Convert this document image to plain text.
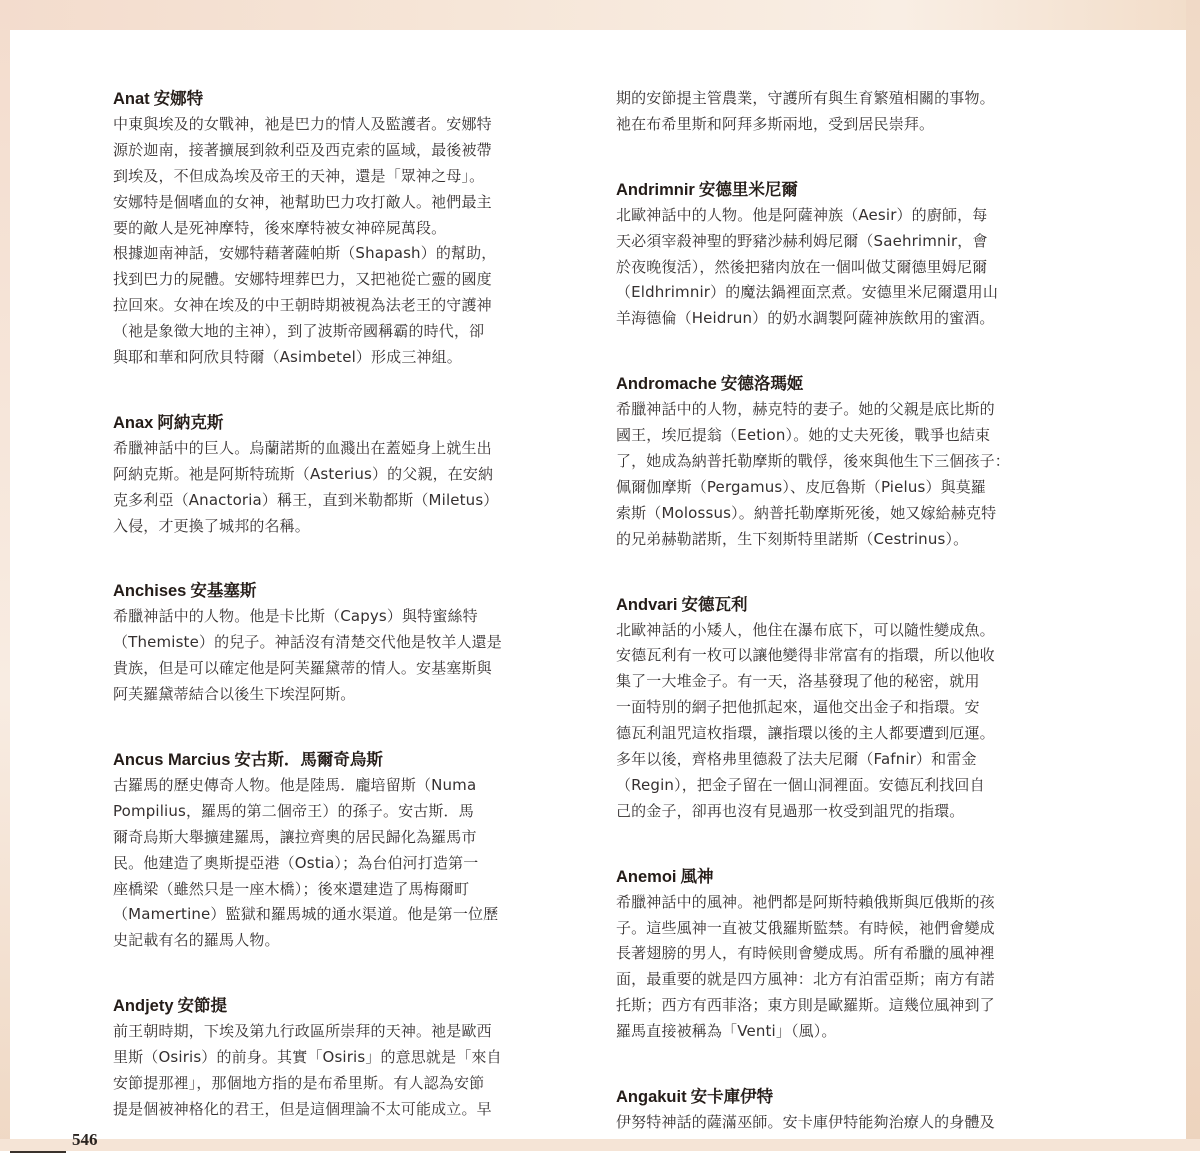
Anat 安娜特
中東與埃及的女戰神，祂是巴力的情人及監護者。安娜特
源於迦南，接著擴展到敘利亞及西克索的區域，最後被帶
到埃及，不但成為埃及帝王的天神，還是「眾神之母」。
安娜特是個嗜血的女神，祂幫助巴力攻打敵人。祂們最主
要的敵人是死神摩特，後來摩特被女神碎屍萬段。
根據迦南神話，安娜特藉著薩帕斯（Shapash）的幫助，
找到巴力的屍體。安娜特埋葬巴力，又把祂從亡靈的國度
拉回來。女神在埃及的中王朝時期被視為法老王的守護神
（祂是象徵大地的主神），到了波斯帝國稱霸的時代，卻
與耶和華和阿欣貝特爾（Asimbetel）形成三神組。
Anax 阿納克斯
希臘神話中的巨人。烏蘭諾斯的血濺出在蓋婭身上就生出
阿納克斯。祂是阿斯特琉斯（Asterius）的父親，在安納
克多利亞（Anactoria）稱王，直到米勒都斯（Miletus）
入侵，才更換了城邦的名稱。
Anchises 安基塞斯
希臘神話中的人物。他是卡比斯（Capys）與特蜜絲特
（Themiste）的兒子。神話沒有清楚交代他是牧羊人還是
貴族，但是可以確定他是阿芙羅黛蒂的情人。安基塞斯與
阿芙羅黛蒂結合以後生下埃涅阿斯。
Ancus Marcius 安古斯．馬爾奇烏斯
古羅馬的歷史傳奇人物。他是陸馬．龐培留斯（Numa
Pompilius，羅馬的第二個帝王）的孫子。安古斯．馬
爾奇烏斯大舉擴建羅馬，讓拉齊奧的居民歸化為羅馬市
民。他建造了奧斯提亞港（Ostia）；為台伯河打造第一
座橋梁（雖然只是一座木橋）；後來還建造了馬梅爾町
（Mamertine）監獄和羅馬城的通水渠道。他是第一位歷
史記載有名的羅馬人物。
Andjety 安節提
前王朝時期，下埃及第九行政區所崇拜的天神。祂是歐西
里斯（Osiris）的前身。其實「Osiris」的意思就是「來自
安節提那裡」，那個地方指的是布希里斯。有人認為安節
提是個被神格化的君王，但是這個理論不太可能成立。早
期的安節提主管農業，守護所有與生育繁殖相關的事物。
祂在布希里斯和阿拜多斯兩地，受到居民崇拜。
Andrimnir 安德里米尼爾
北歐神話中的人物。他是阿薩神族（Aesir）的廚師，每
天必須宰殺神聖的野豬沙赫利姆尼爾（Saehrimnir，會
於夜晚復活），然後把豬肉放在一個叫做艾爾德里姆尼爾
（Eldhrimnir）的魔法鍋裡面烹煮。安德里米尼爾還用山
羊海德倫（Heidrun）的奶水調製阿薩神族飲用的蜜酒。
Andromache 安德洛瑪姬
希臘神話中的人物，赫克特的妻子。她的父親是底比斯的
國王，埃厄提翁（Eetion）。她的丈夫死後，戰爭也結束
了，她成為納普托勒摩斯的戰俘，後來與他生下三個孩子：
佩爾伽摩斯（Pergamus）、皮厄魯斯（Pielus）與莫羅
索斯（Molossus）。納普托勒摩斯死後，她又嫁給赫克特
的兄弟赫勒諾斯，生下刻斯特里諾斯（Cestrinus）。
Andvari 安德瓦利
北歐神話的小矮人，他住在瀑布底下，可以隨性變成魚。
安德瓦利有一枚可以讓他變得非常富有的指環，所以他收
集了一大堆金子。有一天，洛基發現了他的秘密，就用
一面特別的網子把他抓起來，逼他交出金子和指環。安
德瓦利詛咒這枚指環，讓指環以後的主人都要遭到厄運。
多年以後，齊格弗里德殺了法夫尼爾（Fafnir）和雷金
（Regin），把金子留在一個山洞裡面。安德瓦利找回自
己的金子，卻再也沒有見過那一枚受到詛咒的指環。
Anemoi 風神
希臘神話中的風神。祂們都是阿斯特賴俄斯與厄俄斯的孩
子。這些風神一直被艾俄羅斯監禁。有時候，祂們會變成
長著翅膀的男人，有時候則會變成馬。所有希臘的風神裡
面，最重要的就是四方風神：北方有泊雷亞斯；南方有諾
托斯；西方有西菲洛；東方則是歐羅斯。這幾位風神到了
羅馬直接被稱為「Venti」（風）。
Angakuit 安卡庫伊特
伊努特神話的薩滿巫師。安卡庫伊特能夠治療人的身體及
546
